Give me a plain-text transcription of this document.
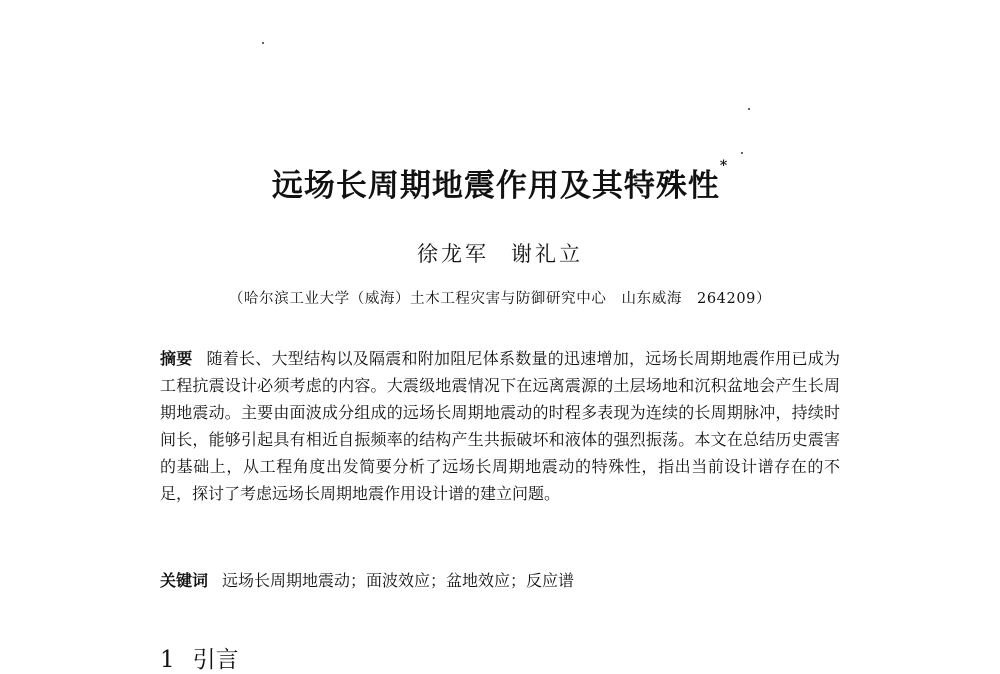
远场长周期地震作用及其特殊性*
徐龙军 谢礼立
（哈尔滨工业大学（威海）土木工程灾害与防御研究中心　山东威海　264209）
摘要 随着长、大型结构以及隔震和附加阻尼体系数量的迅速增加，远场长周期地震作用已成为工程抗震设计必须考虑的内容。大震级地震情况下在远离震源的土层场地和沉积盆地会产生长周期地震动。主要由面波成分组成的远场长周期地震动的时程多表现为连续的长周期脉冲，持续时间长，能够引起具有相近自振频率的结构产生共振破坏和液体的强烈振荡。本文在总结历史震害的基础上，从工程角度出发简要分析了远场长周期地震动的特殊性，指出当前设计谱存在的不足，探讨了考虑远场长周期地震作用设计谱的建立问题。
关键词 远场长周期地震动；面波效应；盆地效应；反应谱
1 引言
